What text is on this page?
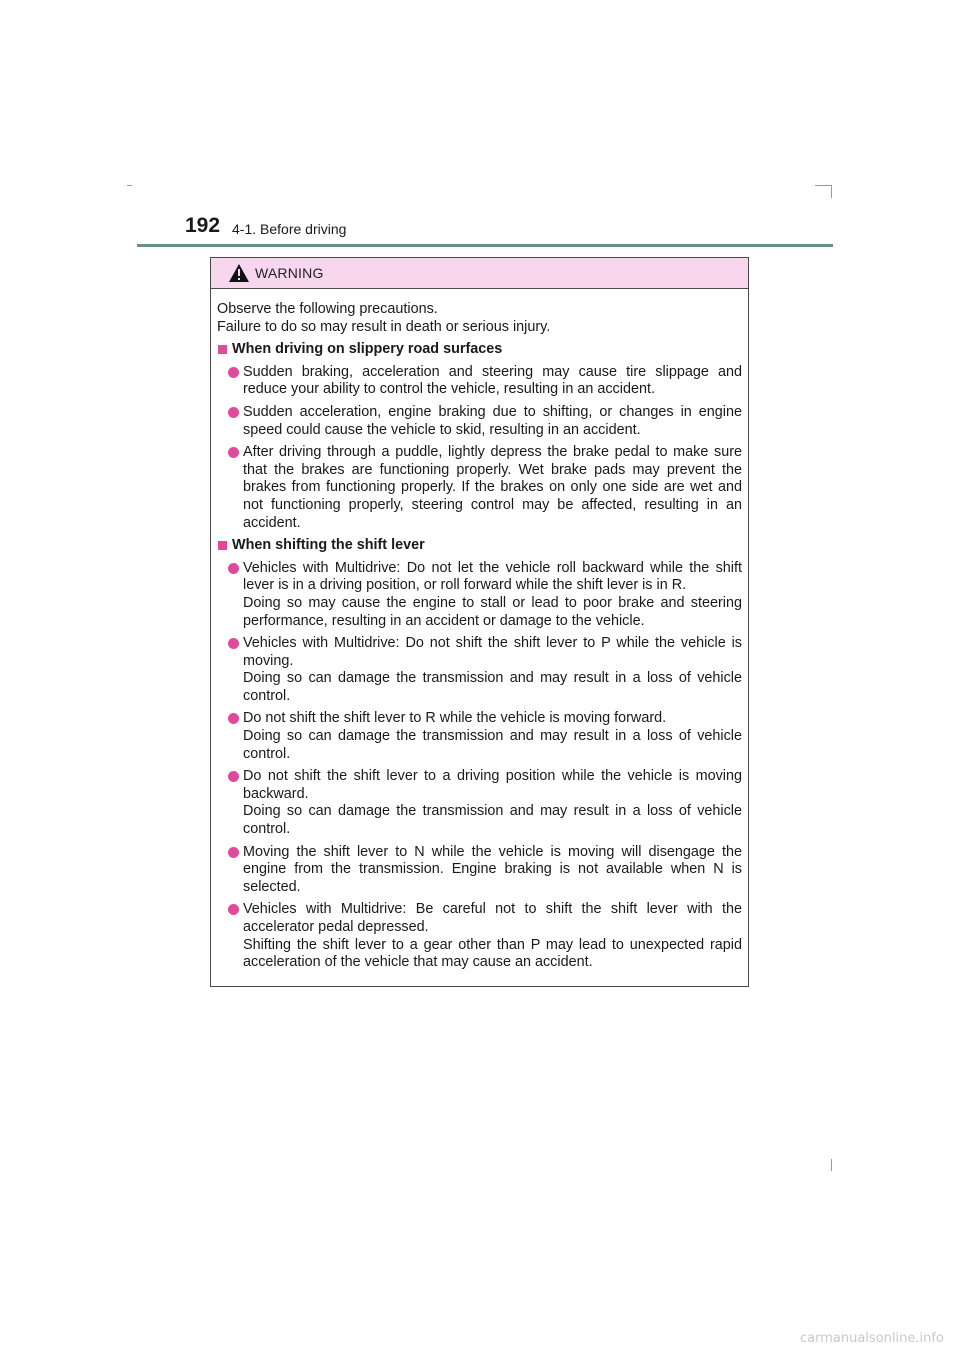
192 4-1. Before driving
WARNING

Observe the following precautions.

Failure to do so may result in death or serious injury.

When driving on slippery road surfaces

Sudden braking, acceleration and steering may cause tire slippage and reduce your ability to control the vehicle, resulting in an accident.

Sudden acceleration, engine braking due to shifting, or changes in engine speed could cause the vehicle to skid, resulting in an accident.

After driving through a puddle, lightly depress the brake pedal to make sure that the brakes are functioning properly. Wet brake pads may prevent the brakes from functioning properly. If the brakes on only one side are wet and not functioning properly, steering control may be affected, resulting in an accident.

When shifting the shift lever

Vehicles with Multidrive: Do not let the vehicle roll backward while the shift lever is in a driving position, or roll forward while the shift lever is in R.

Doing so may cause the engine to stall or lead to poor brake and steering performance, resulting in an accident or damage to the vehicle.

Vehicles with Multidrive: Do not shift the shift lever to P while the vehicle is moving.

Doing so can damage the transmission and may result in a loss of vehicle control.

Do not shift the shift lever to R while the vehicle is moving forward.

Doing so can damage the transmission and may result in a loss of vehicle control.

Do not shift the shift lever to a driving position while the vehicle is moving backward.

Doing so can damage the transmission and may result in a loss of vehicle control.

Moving the shift lever to N while the vehicle is moving will disengage the engine from the transmission. Engine braking is not available when N is selected.

Vehicles with Multidrive: Be careful not to shift the shift lever with the accelerator pedal depressed.

Shifting the shift lever to a gear other than P may lead to unexpected rapid acceleration of the vehicle that may cause an accident.

carmanualsonline.info
